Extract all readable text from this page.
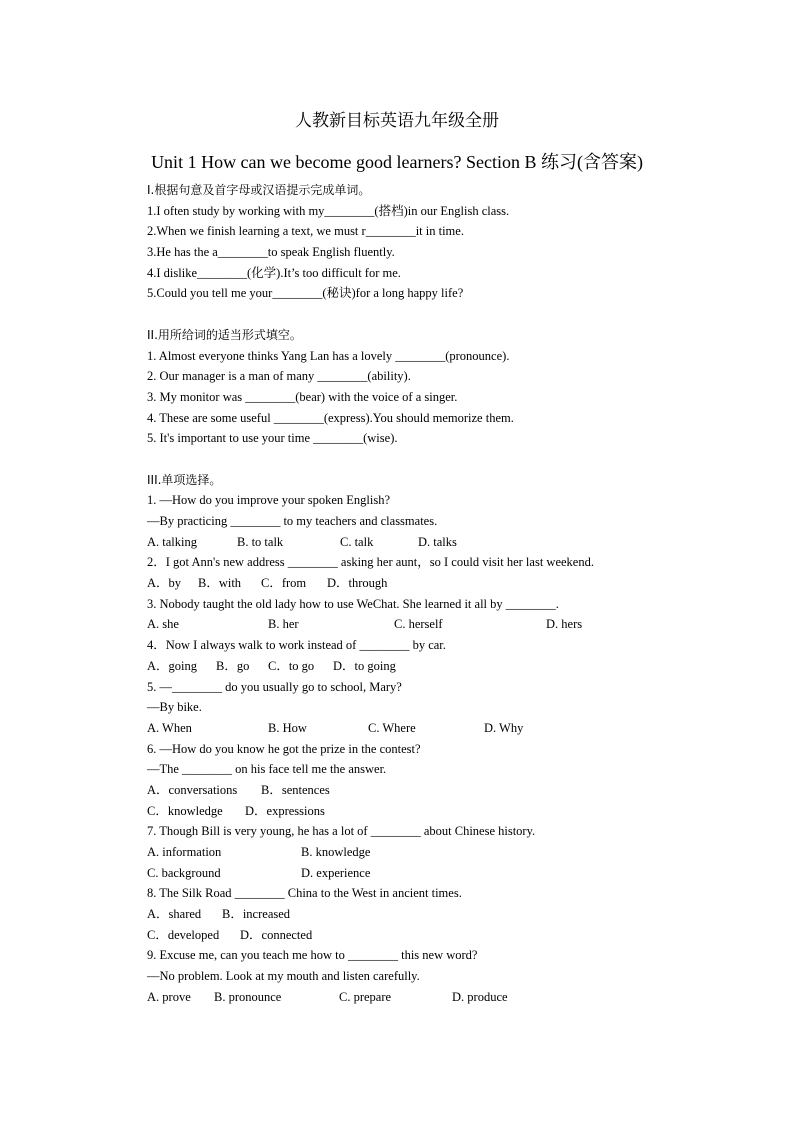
人教新目标英语九年级全册
Unit 1 How can we become good learners? Section B 练习(含答案)
I.根据句意及首字母或汉语提示完成单词。
1.I often study by working with my________(搭档)in our English class.
2.When we finish learning a text, we must r________it in time.
3.He has the a________to speak English fluently.
4.I dislike________(化学).It’s too difficult for me.
5.Could you tell me your________(秘诀)for a long happy life?
II.用所给词的适当形式填空。
1. Almost everyone thinks Yang Lan has a lovely ________(pronounce).
2. Our manager is a man of many ________(ability).
3. My monitor was ________(bear) with the voice of a singer.
4. These are some useful ________(express).You should memorize them.
5. It's important to use your time ________(wise).
III.单项选择。
1. —How do you improve your spoken English?
—By practicing ________ to my teachers and classmates.
A. talking	B. to talk	C. talk	D. talks
2．I got Ann's new address ________ asking her aunt，so I could visit her last weekend.
A．by B．with C．from D．through
3. Nobody taught the old lady how to use WeChat. She learned it all by ________.
A. she	B. her	C. herself	D. hers
4．Now I always walk to work instead of ________ by car.
A．going B．go C．to go D．to going
5. —________ do you usually go to school, Mary?
—By bike.
A. When	B. How	C. Where	D. Why
6. —How do you know he got the prize in the contest?
—The ________ on his face tell me the answer.
A．conversations B．sentences
C．knowledge D．expressions
7. Though Bill is very young, he has a lot of ________ about Chinese history.
A. information	B. knowledge
C. background	D. experience
8. The Silk Road ________ China to the West in ancient times.
A．shared B．increased
C．developed D．connected
9. Excuse me, can you teach me how to ________ this new word?
—No problem. Look at my mouth and listen carefully.
A. prove B. pronounce	C. prepare	D. produce
